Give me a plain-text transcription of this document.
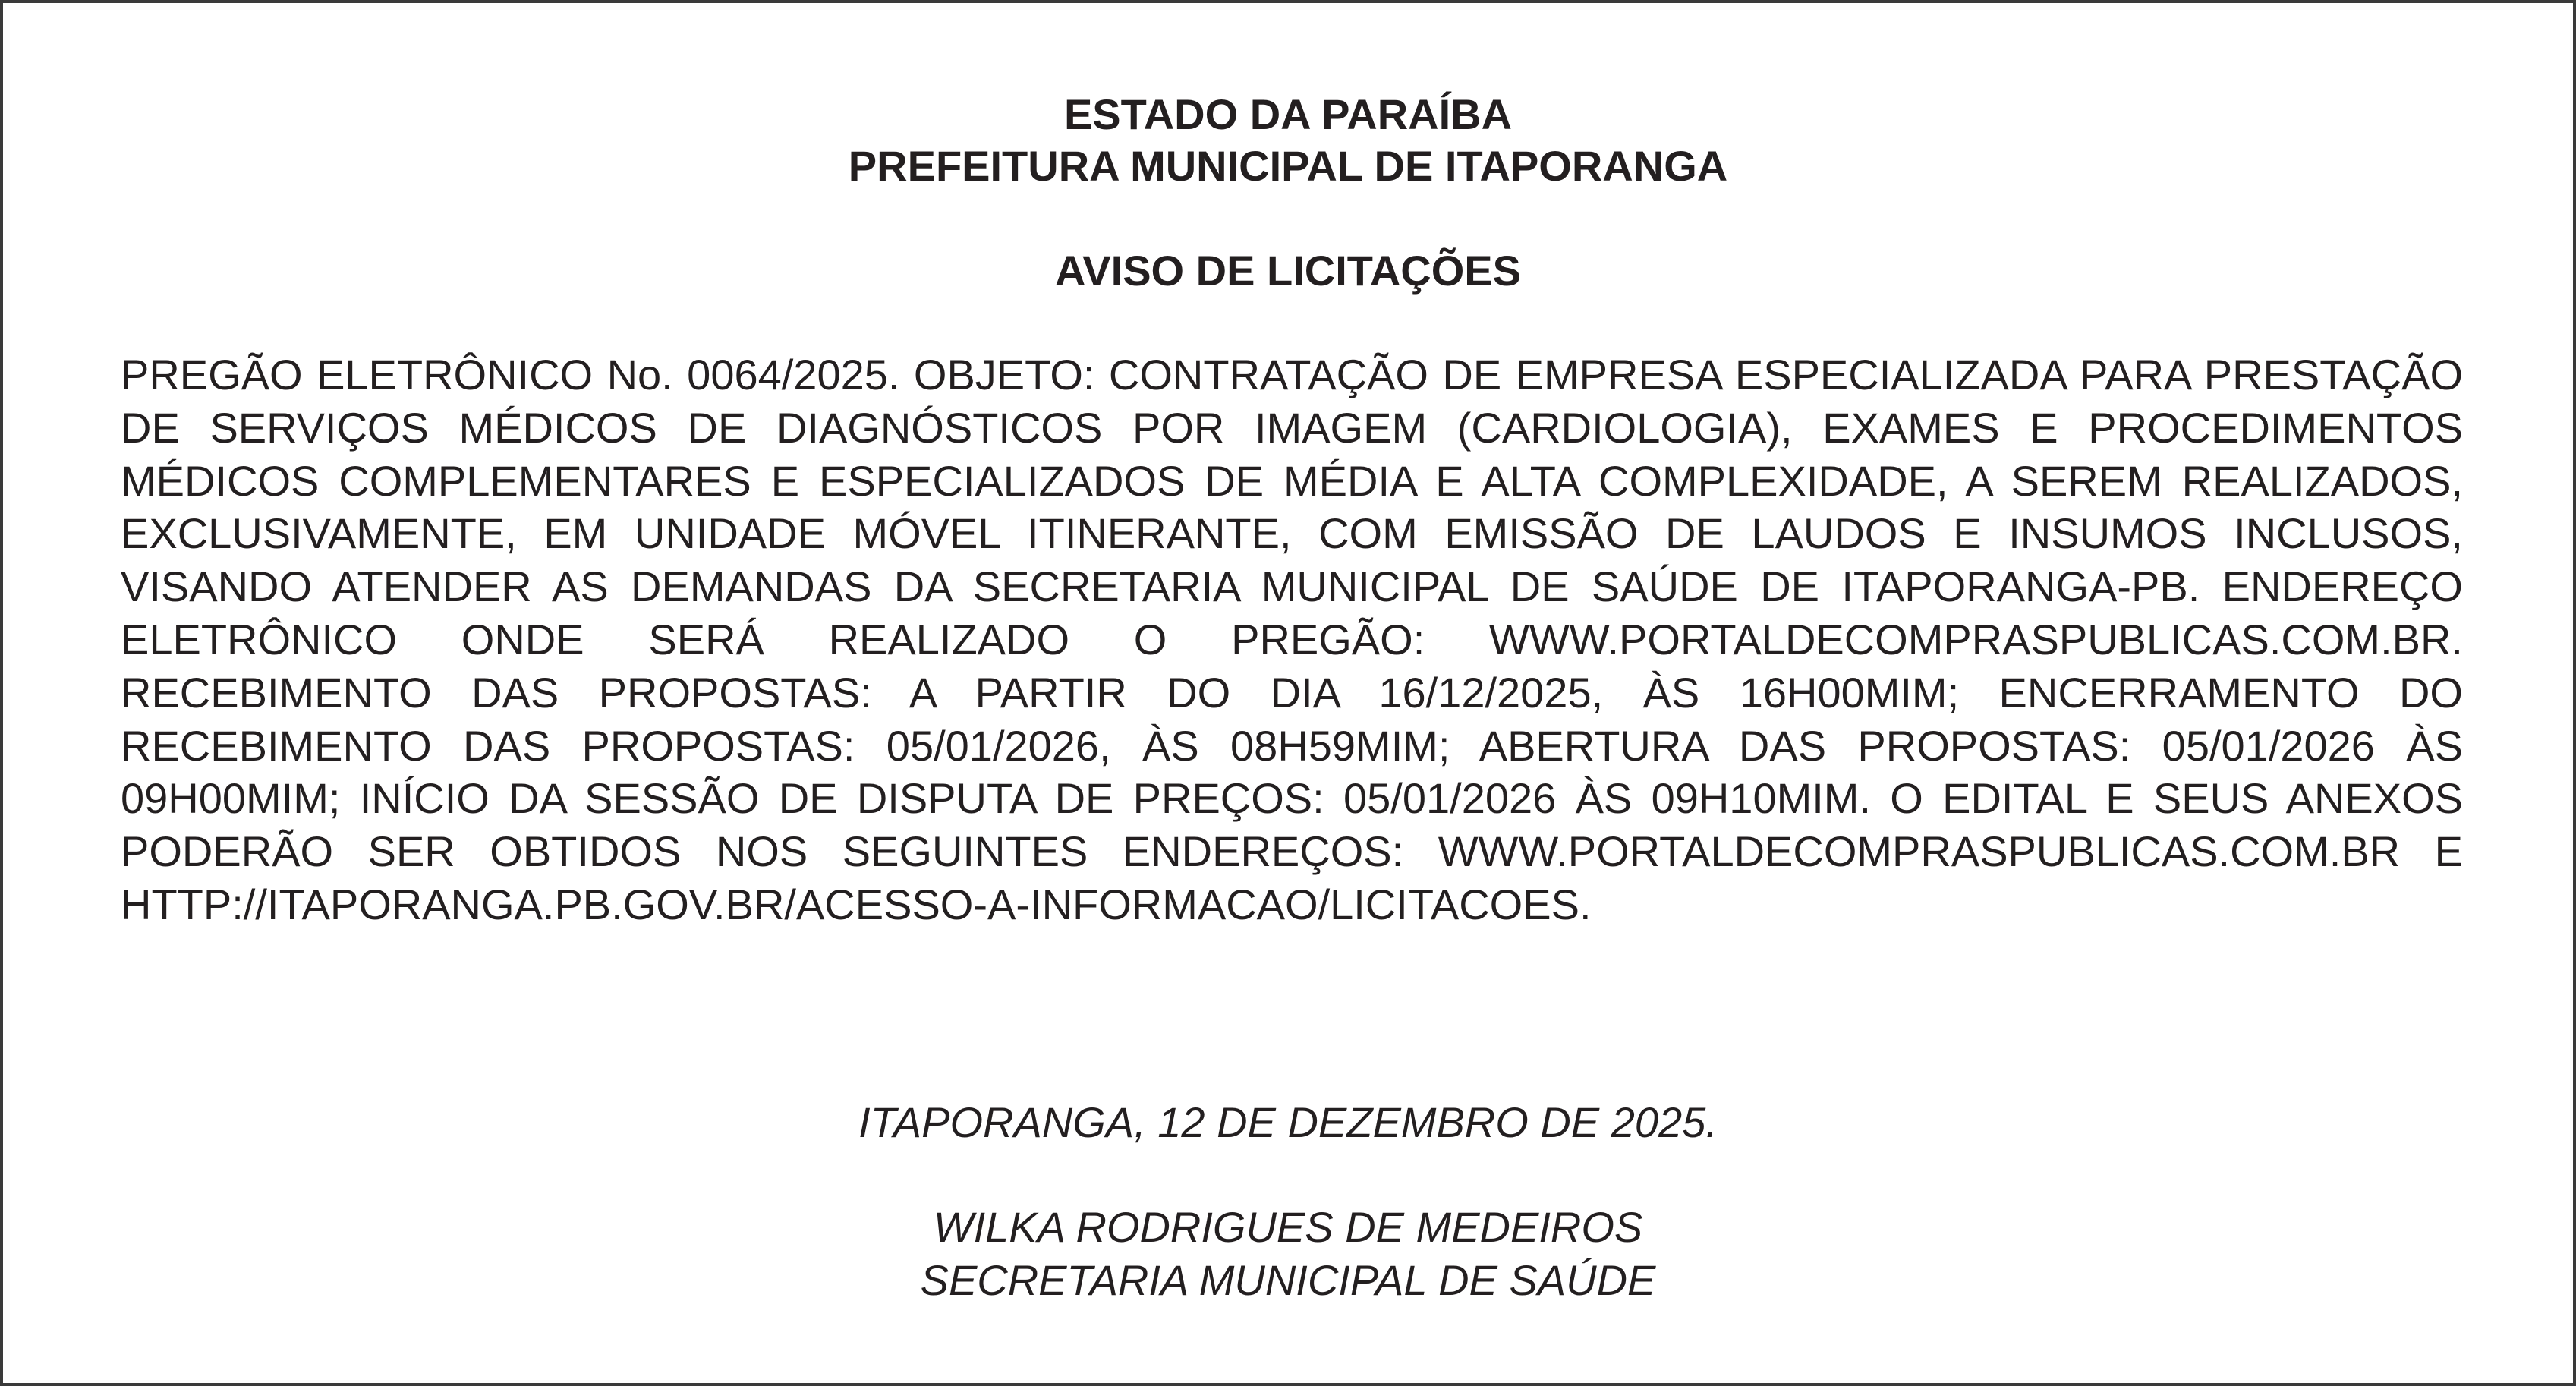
ESTADO DA PARAÍBA
PREFEITURA MUNICIPAL DE ITAPORANGA
AVISO DE LICITAÇÕES

PREGÃO ELETRÔNICO No. 0064/2025. OBJETO: CONTRATAÇÃO DE EMPRESA ESPECIALIZADA PARA PRESTAÇÃO DE SERVIÇOS MÉDICOS DE DIAGNÓSTICOS POR IMAGEM (CARDIOLOGIA), EXAMES E PROCEDIMENTOS MÉDICOS COMPLEMENTARES E ESPECIALIZADOS DE MÉDIA E ALTA COMPLEXIDADE, A SEREM REALIZADOS, EXCLUSIVAMENTE, EM UNIDADE MÓVEL ITINERANTE, COM EMISSÃO DE LAUDOS E INSUMOS INCLUSOS, VISANDO ATENDER AS DEMANDAS DA SECRETARIA MUNICIPAL DE SAÚDE DE ITAPORANGA-PB. ENDEREÇO ELETRÔNICO ONDE SERÁ REALIZADO O PREGÃO: WWW.PORTALDECOMPRASPUBLICAS.COM.BR. RECEBIMENTO DAS PROPOSTAS: A PARTIR DO DIA 16/12/2025, ÀS 16H00MIM; ENCERRAMENTO DO RECEBIMENTO DAS PROPOSTAS: 05/01/2026, ÀS 08H59MIM; ABERTURA DAS PROPOSTAS: 05/01/2026 ÀS 09H00MIM; INÍCIO DA SESSÃO DE DISPUTA DE PREÇOS: 05/01/2026 ÀS 09H10MIM. O EDITAL E SEUS ANEXOS PODERÃO SER OBTIDOS NOS SEGUINTES ENDEREÇOS: WWW.PORTALDECOMPRASPUBLICAS.COM.BR E HTTP://ITAPORANGA.PB.GOV.BR/ACESSO-A-INFORMACAO/LICITACOES.

ITAPORANGA, 12 DE DEZEMBRO DE 2025.
WILKA RODRIGUES DE MEDEIROS
SECRETARIA MUNICIPAL DE SAÚDE
